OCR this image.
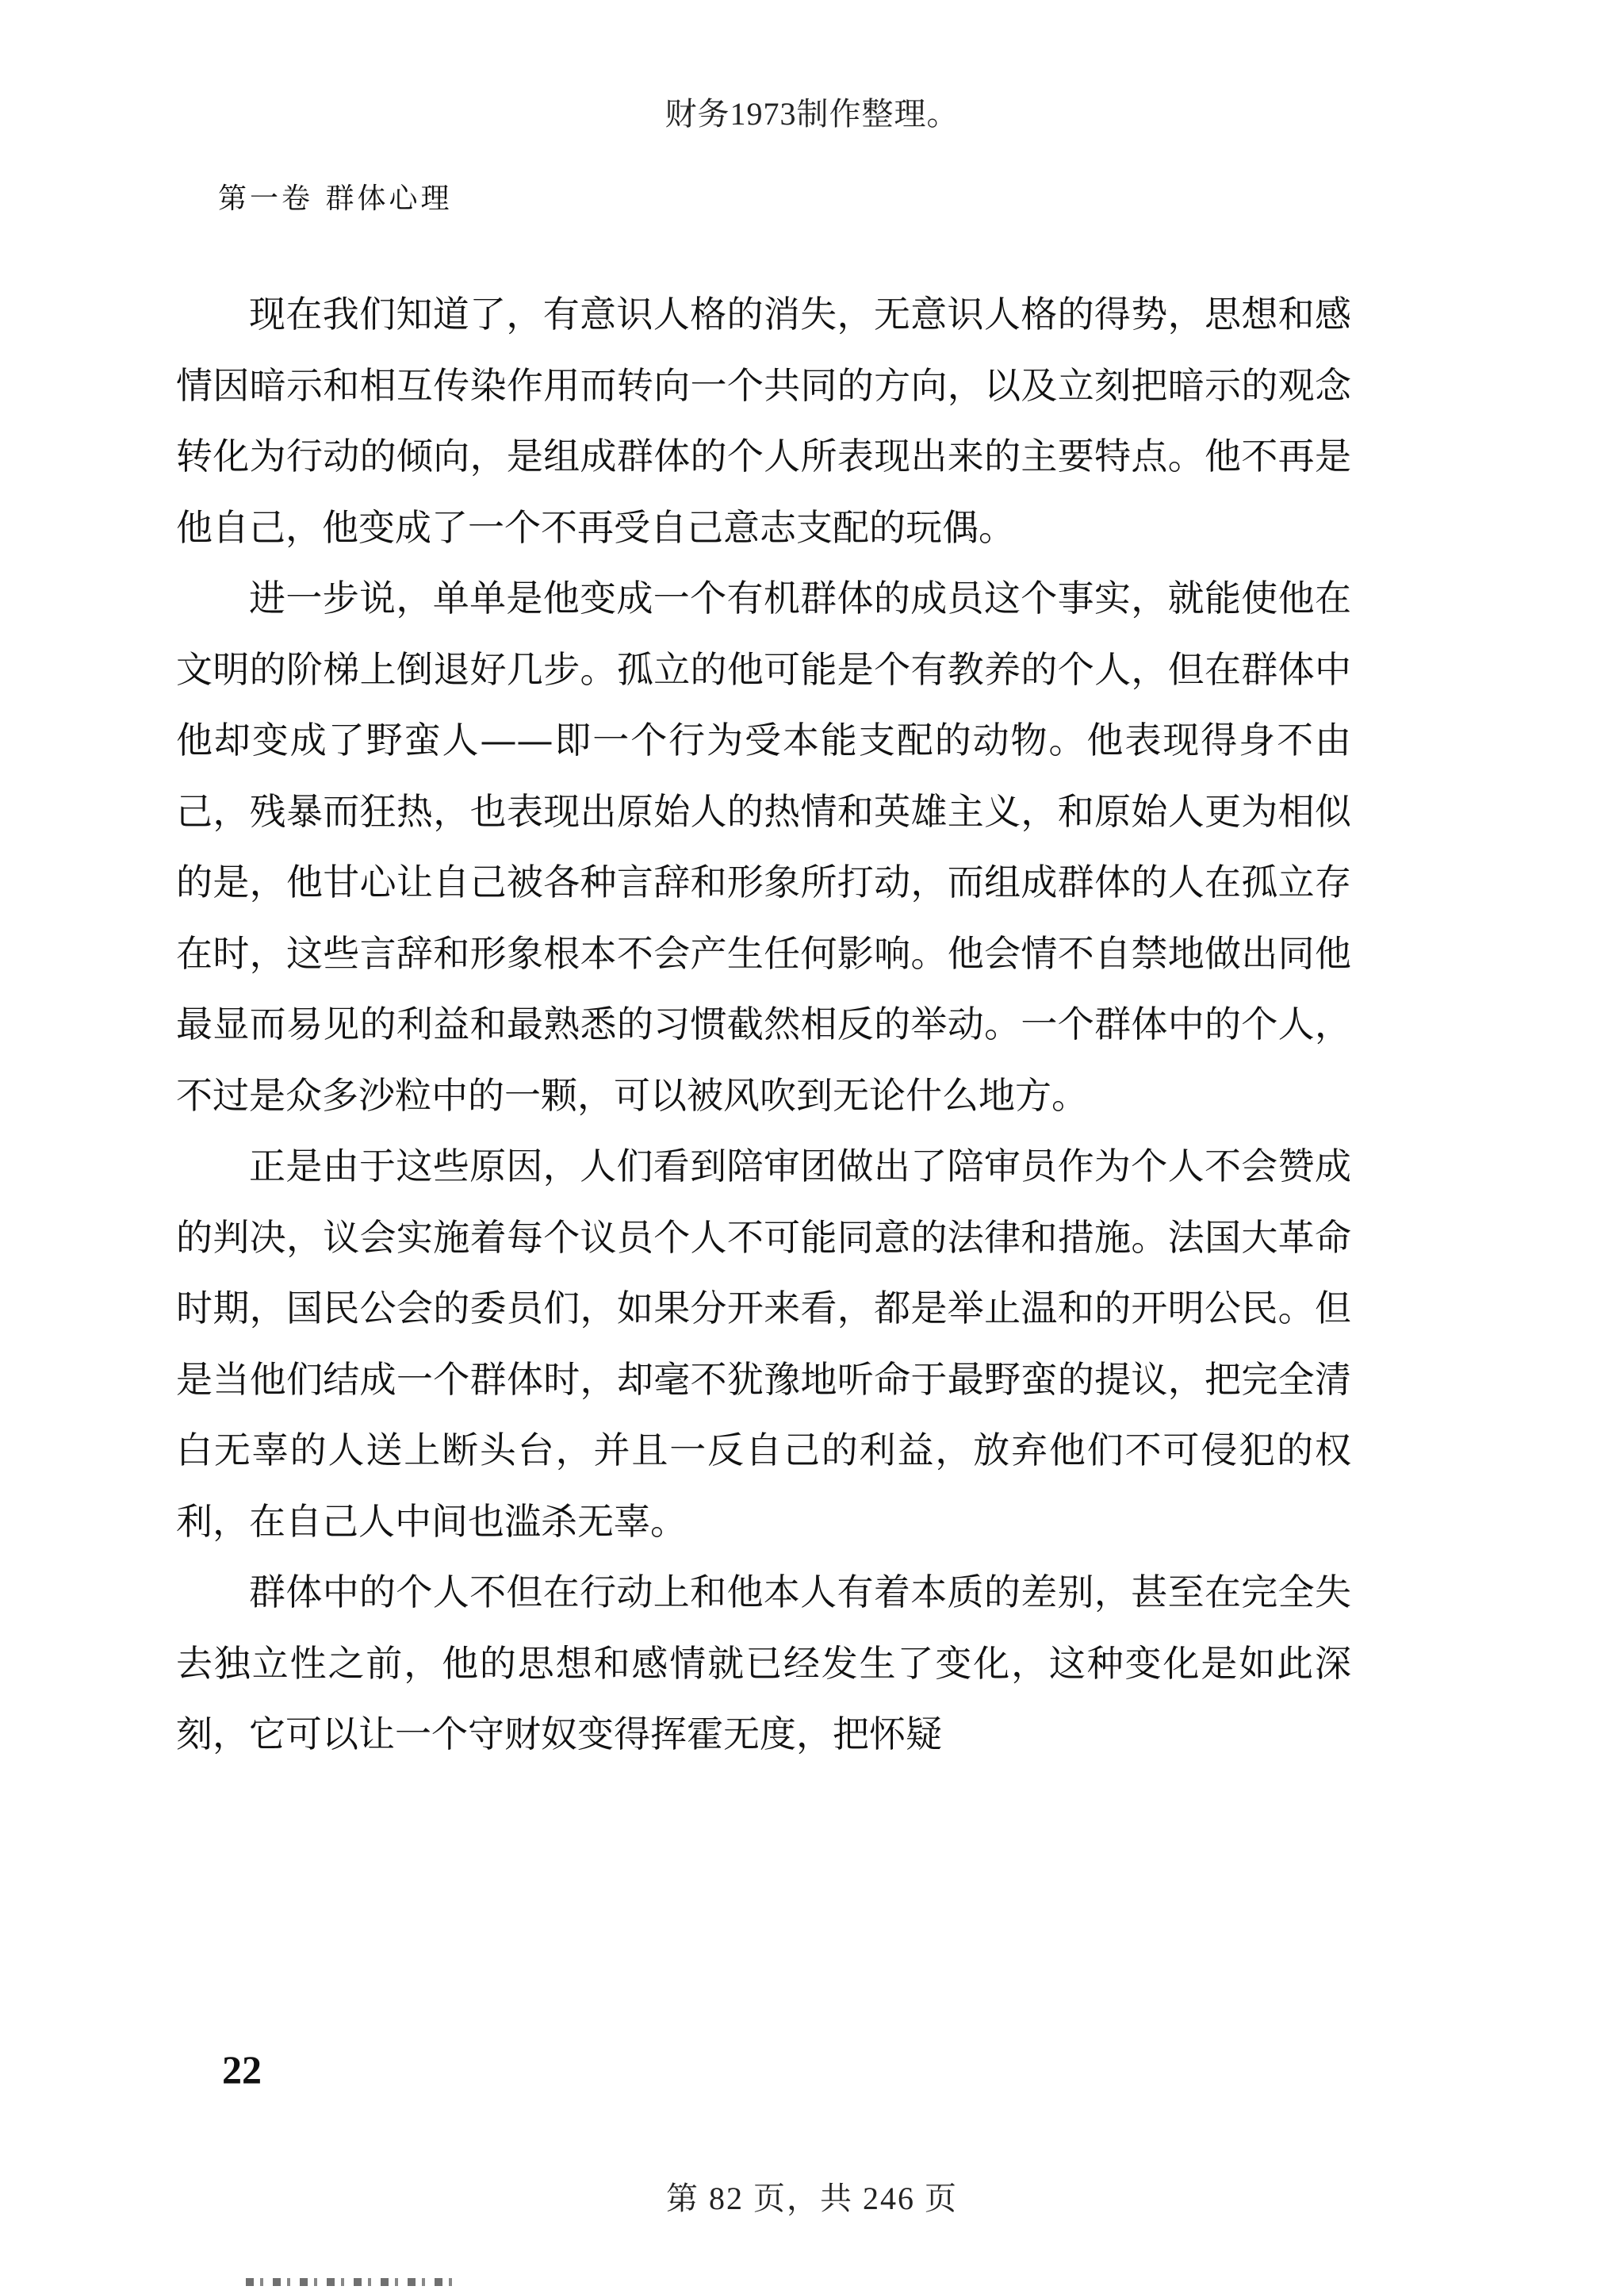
财务1973制作整理。
第一卷 群体心理

现在我们知道了，有意识人格的消失，无意识人格的得势，思想和感情因暗示和相互传染作用而转向一个共同的方向，以及立刻把暗示的观念转化为行动的倾向，是组成群体的个人所表现出来的主要特点。他不再是他自己，他变成了一个不再受自己意志支配的玩偶。

进一步说，单单是他变成一个有机群体的成员这个事实，就能使他在文明的阶梯上倒退好几步。孤立的他可能是个有教养的个人，但在群体中他却变成了野蛮人——即一个行为受本能支配的动物。他表现得身不由己，残暴而狂热，也表现出原始人的热情和英雄主义，和原始人更为相似的是，他甘心让自己被各种言辞和形象所打动，而组成群体的人在孤立存在时，这些言辞和形象根本不会产生任何影响。他会情不自禁地做出同他最显而易见的利益和最熟悉的习惯截然相反的举动。一个群体中的个人，不过是众多沙粒中的一颗，可以被风吹到无论什么地方。

正是由于这些原因，人们看到陪审团做出了陪审员作为个人不会赞成的判决，议会实施着每个议员个人不可能同意的法律和措施。法国大革命时期，国民公会的委员们，如果分开来看，都是举止温和的开明公民。但是当他们结成一个群体时，却毫不犹豫地听命于最野蛮的提议，把完全清白无辜的人送上断头台，并且一反自己的利益，放弃他们不可侵犯的权利，在自己人中间也滥杀无辜。

群体中的个人不但在行动上和他本人有着本质的差别，甚至在完全失去独立性之前，他的思想和感情就已经发生了变化，这种变化是如此深刻，它可以让一个守财奴变得挥霍无度，把怀疑

22
第 82 页，共 246 页
